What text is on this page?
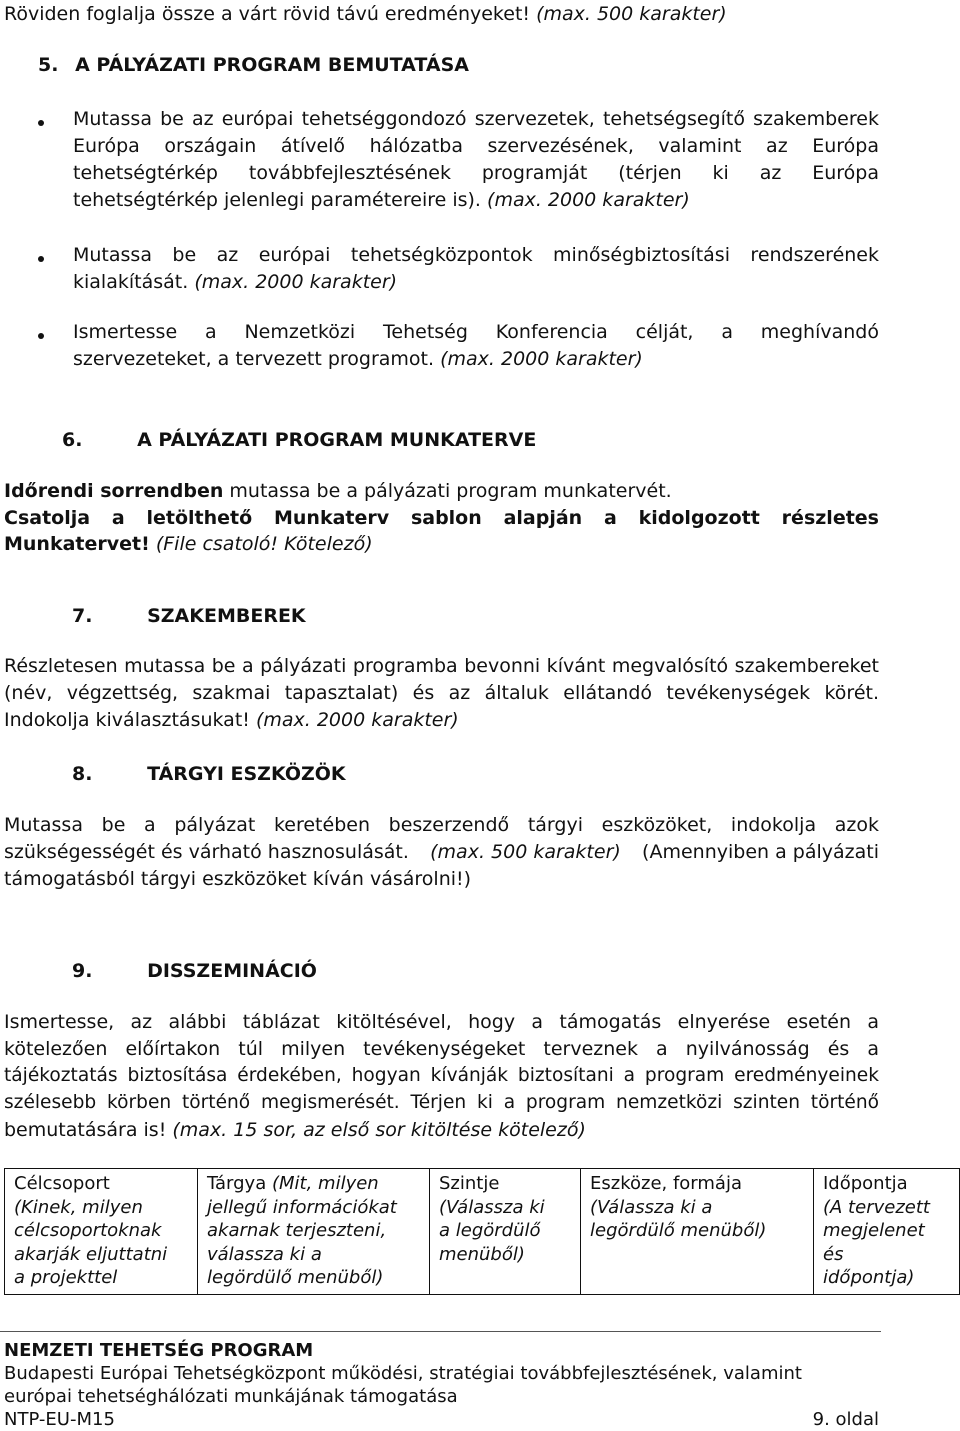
Röviden foglalja össze a várt rövid távú eredményeket! (max. 500 karakter)
5. A PÁLYÁZATI PROGRAM BEMUTATÁSA
Mutassa be az európai tehetséggondozó szervezetek, tehetségsegítő szakemberek
Európa országain átívelő hálózatba szervezésének, valamint az Európa
tehetségtérkép továbbfejlesztésének programját (térjen ki az Európa
tehetségtérkép jelenlegi paramétereire is). (max. 2000 karakter)
Mutassa be az európai tehetségközpontok minőségbiztosítási rendszerének
kialakítását. (max. 2000 karakter)
Ismertesse a Nemzetközi Tehetség Konferencia célját, a meghívandó
szervezeteket, a tervezett programot. (max. 2000 karakter)
6.	A PÁLYÁZATI PROGRAM MUNKATERVE
Időrendi sorrendben mutassa be a pályázati program munkatervét.
Csatolja a letölthető Munkaterv sablon alapján a kidolgozott részletes
Munkatervet! (File csatoló! Kötelező)
7.	SZAKEMBEREK
Részletesen mutassa be a pályázati programba bevonni kívánt megvalósító szakembereket
(név, végzettség, szakmai tapasztalat) és az általuk ellátandó tevékenységek körét.
Indokolja kiválasztásukat! (max. 2000 karakter)
8.	TÁRGYI ESZKÖZÖK
Mutassa be a pályázat keretében beszerzendő tárgyi eszközöket, indokolja azok
szükségességét és várható hasznosulását. (max. 500 karakter) (Amennyiben a pályázati
támogatásból tárgyi eszközöket kíván vásárolni!)
9.	DISSZEMINÁCIÓ
Ismertesse, az alábbi táblázat kitöltésével, hogy a támogatás elnyerése esetén a
kötelezően előírtakon túl milyen tevékenységeket terveznek a nyilvánosság és a
tájékoztatás biztosítása érdekében, hogyan kívánják biztosítani a program eredményeinek
szélesebb körben történő megismerését. Térjen ki a program nemzetközi szinten történő
bemutatására is! (max. 15 sor, az első sor kitöltése kötelező)
Célcsoport
(Kinek, milyen
célcsoportoknak
akarják eljuttatni
a projekttel

Tárgya (Mit, milyen
jellegű információkat
akarnak terjeszteni,
válassza ki a
legördülő menüből)

Szintje
(Válassza ki
a legördülő
menüből)

Eszköze, formája
(Válassza ki a
legördülő menüből)

Időpontja
(A tervezett
megjelenet
és
időpontja)
NEMZETI TEHETSÉG PROGRAM
Budapesti Európai Tehetségközpont működési, stratégiai továbbfejlesztésének, valamint
európai tehetséghálózati munkájának támogatása
NTP-EU-M15	9. oldal
